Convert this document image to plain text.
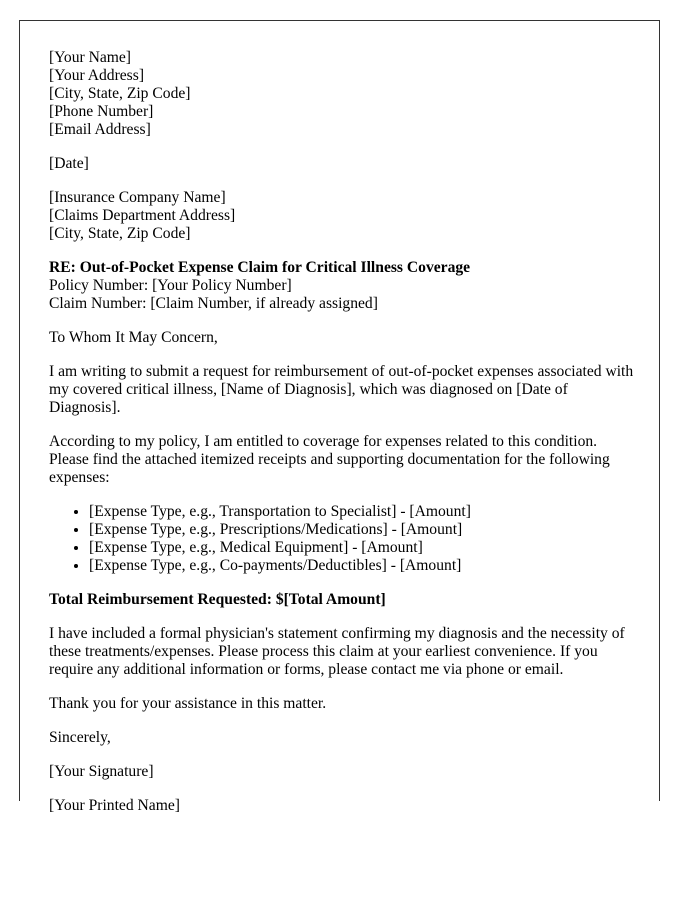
[Your Name]
[Your Address]
[City, State, Zip Code]
[Phone Number]
[Email Address]

[Date]

[Insurance Company Name]
[Claims Department Address]
[City, State, Zip Code]

RE: Out-of-Pocket Expense Claim for Critical Illness Coverage
Policy Number: [Your Policy Number]
Claim Number: [Claim Number, if already assigned]

To Whom It May Concern,

I am writing to submit a request for reimbursement of out-of-pocket expenses associated with my covered critical illness, [Name of Diagnosis], which was diagnosed on [Date of Diagnosis].

According to my policy, I am entitled to coverage for expenses related to this condition. Please find the attached itemized receipts and supporting documentation for the following expenses:

• [Expense Type, e.g., Transportation to Specialist] - [Amount]
• [Expense Type, e.g., Prescriptions/Medications] - [Amount]
• [Expense Type, e.g., Medical Equipment] - [Amount]
• [Expense Type, e.g., Co-payments/Deductibles] - [Amount]

Total Reimbursement Requested: $[Total Amount]

I have included a formal physician's statement confirming my diagnosis and the necessity of these treatments/expenses. Please process this claim at your earliest convenience. If you require any additional information or forms, please contact me via phone or email.

Thank you for your assistance in this matter.

Sincerely,

[Your Signature]

[Your Printed Name]
